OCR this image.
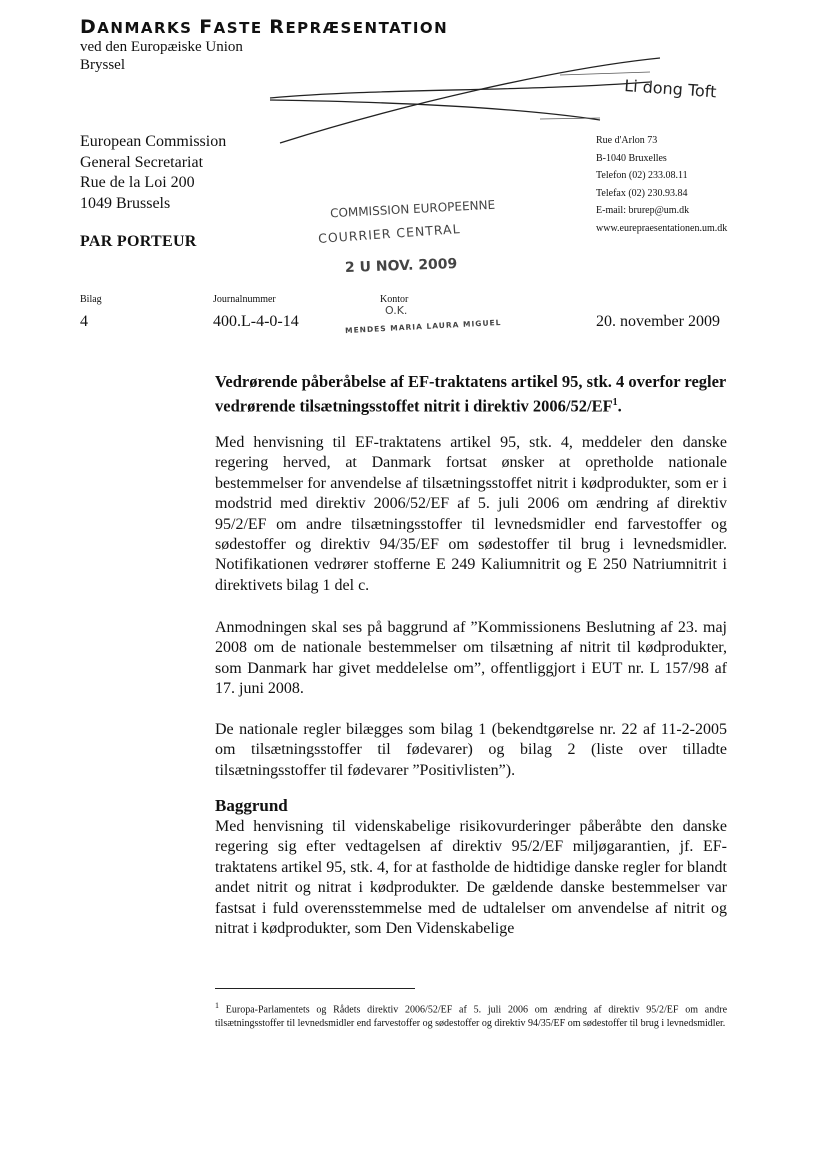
DANMARKS FASTE REPRÆSENTATION
ved den Europæiske Union
Bryssel
Li dong Toft
European Commission
General Secretariat
Rue de la Loi 200
1049 Brussels
PAR PORTEUR
Rue d'Arlon 73
B-1040 Bruxelles
Telefon (02) 233.08.11
Telefax (02) 230.93.84
E-mail: brurep@um.dk
www.eurepraesentationen.um.dk
COMMISSION EUROPEENNE
COURRIER CENTRAL
2 U NOV. 2009
O.K.
MENDES MARIA LAURA MIGUEL
Bilag
4
Journalnummer
400.L-4-0-14
Kontor
20. november 2009
Vedrørende påberåbelse af EF-traktatens artikel 95, stk. 4 overfor regler vedrørende tilsætningsstoffet nitrit i direktiv $2006/52/EF^1$.
Med henvisning til EF-traktatens artikel 95, stk. 4, meddeler den danske regering herved, at Danmark fortsat ønsker at opretholde nationale bestemmelser for anvendelse af tilsætningsstoffet nitrit i kødprodukter, som er i modstrid med direktiv 2006/52/EF af 5. juli 2006 om ændring af direktiv 95/2/EF om andre tilsætningsstoffer til levnedsmidler end farvestoffer og sødestoffer og direktiv 94/35/EF om sødestoffer til brug i levnedsmidler. Notifikationen vedrører stofferne E 249 Kaliumnitrit og E 250 Natriumnitrit i direktivets bilag 1 del c.
Anmodningen skal ses på baggrund af ”Kommissionens Beslutning af 23. maj 2008 om de nationale bestemmelser om tilsætning af nitrit til kødprodukter, som Danmark har givet meddelelse om”, offentliggjort i EUT nr. L 157/98 af 17. juni 2008.
De nationale regler bilægges som bilag 1 (bekendtgørelse nr. 22 af 11-2-2005 om tilsætningsstoffer til fødevarer) og bilag 2 (liste over tilladte tilsætningsstoffer til fødevarer ”Positivlisten”).
Baggrund
Med henvisning til videnskabelige risikovurderinger påberåbte den danske regering sig efter vedtagelsen af direktiv 95/2/EF miljøgarantien, jf. EF-traktatens artikel 95, stk. 4, for at fastholde de hidtidige danske regler for blandt andet nitrit og nitrat i kødprodukter. De gældende danske bestemmelser var fastsat i fuld overensstemmelse med de udtalelser om anvendelse af nitrit og nitrat i kødprodukter, som Den Videnskabelige
$^1$ Europa-Parlamentets og Rådets direktiv 2006/52/EF af 5. juli 2006 om ændring af direktiv 95/2/EF om andre tilsætningsstoffer til levnedsmidler end farvestoffer og sødestoffer og direktiv 94/35/EF om sødestoffer til brug i levnedsmidler.
